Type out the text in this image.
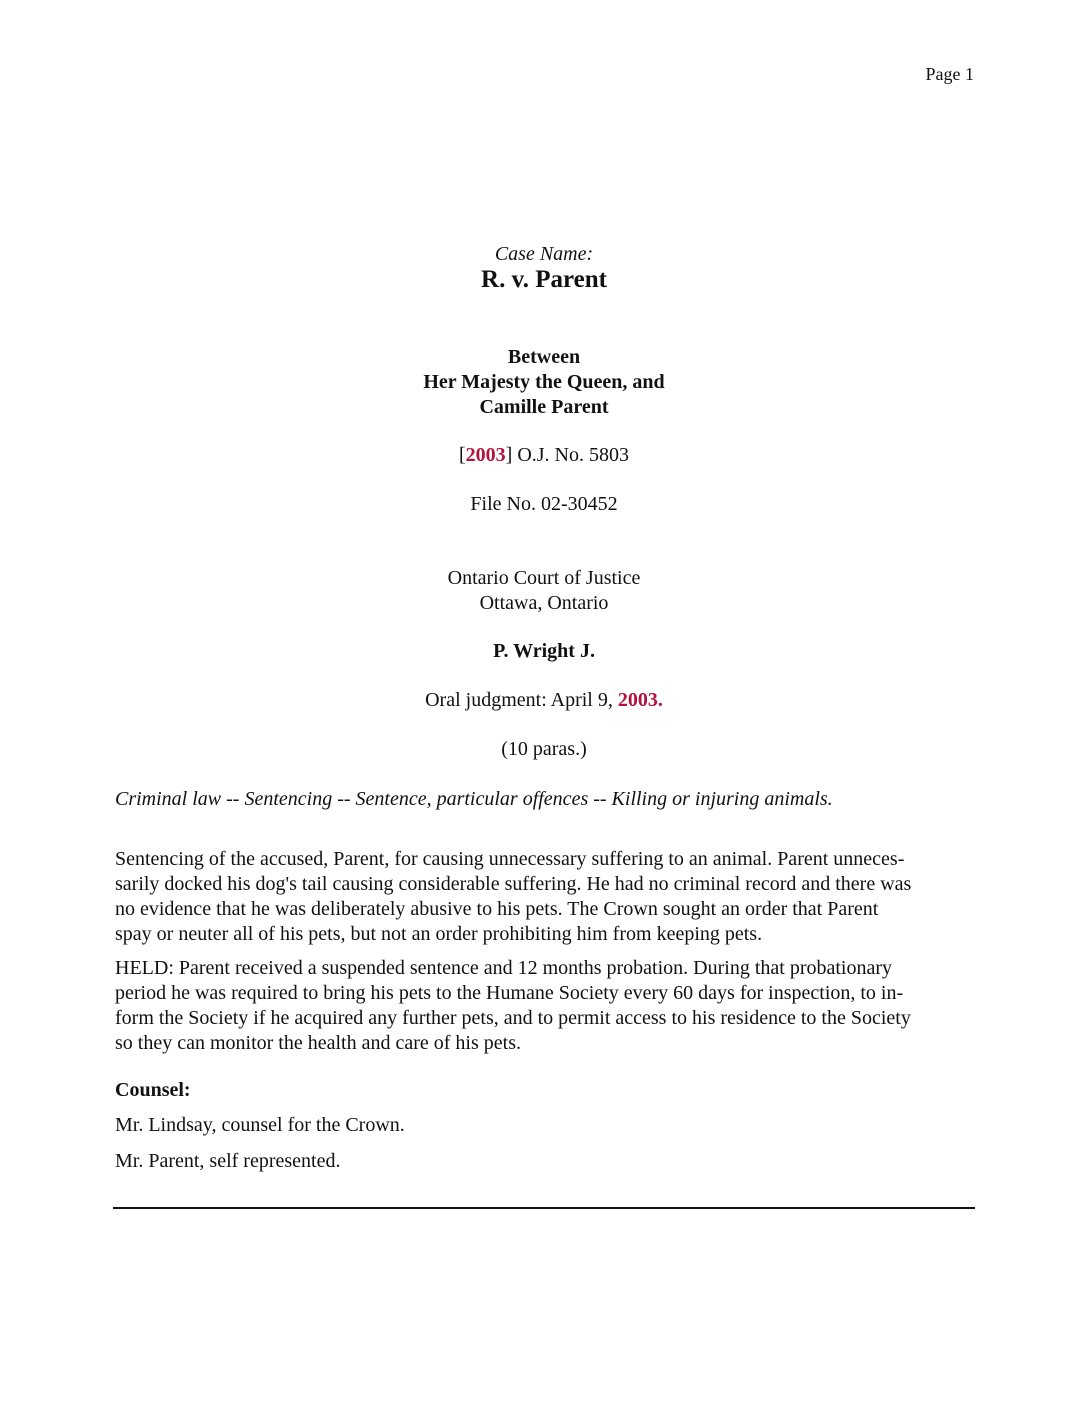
Page 1
Case Name:
R. v. Parent
Between
Her Majesty the Queen, and
Camille Parent
[2003] O.J. No. 5803
File No. 02-30452
Ontario Court of Justice
Ottawa, Ontario
P. Wright J.
Oral judgment: April 9, 2003.
(10 paras.)

Criminal law -- Sentencing -- Sentence, particular offences -- Killing or injuring animals.

Sentencing of the accused, Parent, for causing unnecessary suffering to an animal. Parent unneces-
sarily docked his dog's tail causing considerable suffering. He had no criminal record and there was
no evidence that he was deliberately abusive to his pets. The Crown sought an order that Parent
spay or neuter all of his pets, but not an order prohibiting him from keeping pets.
HELD: Parent received a suspended sentence and 12 months probation. During that probationary
period he was required to bring his pets to the Humane Society every 60 days for inspection, to in-
form the Society if he acquired any further pets, and to permit access to his residence to the Society
so they can monitor the health and care of his pets.
Counsel:
Mr. Lindsay, counsel for the Crown.
Mr. Parent, self represented.
